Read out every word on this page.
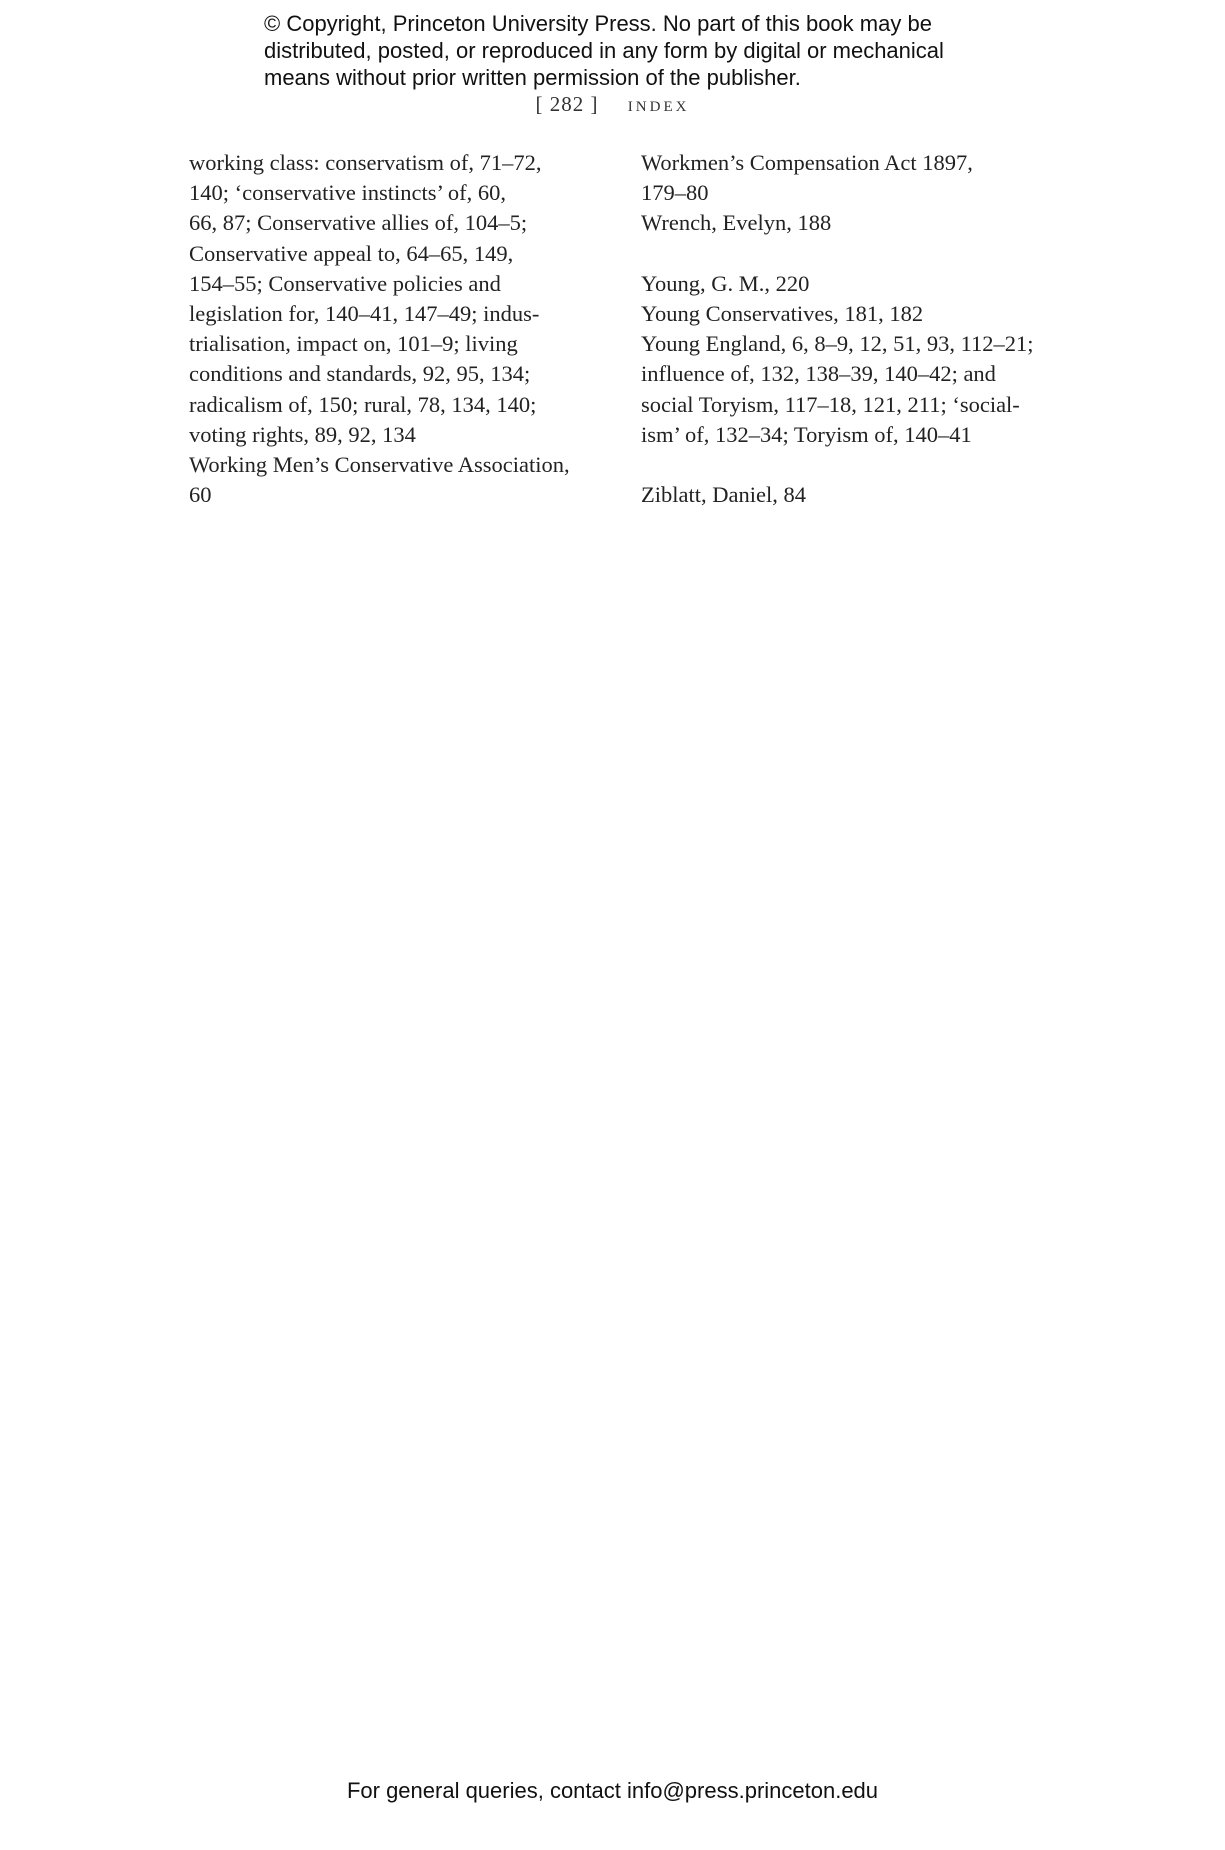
© Copyright, Princeton University Press. No part of this book may be
distributed, posted, or reproduced in any form by digital or mechanical
means without prior written permission of the publisher.
[ 282 ] index
working class: conservatism of, 71–72,
140; ‘conservative instincts’ of, 60,
66, 87; Conservative allies of, 104–5;
Conservative appeal to, 64–65, 149,
154–55; Conservative policies and
legislation for, 140–41, 147–49; indus-
trialisation, impact on, 101–9; living
conditions and standards, 92, 95, 134;
radicalism of, 150; rural, 78, 134, 140;
voting rights, 89, 92, 134
Working Men’s Conservative Association,
60
Workmen’s Compensation Act 1897,
179–80
Wrench, Evelyn, 188
Young, G. M., 220
Young Conservatives, 181, 182
Young England, 6, 8–9, 12, 51, 93, 112–21;
influence of, 132, 138–39, 140–42; and
social Toryism, 117–18, 121, 211; ‘social-
ism’ of, 132–34; Toryism of, 140–41
Ziblatt, Daniel, 84
For general queries, contact info@press.princeton.edu
